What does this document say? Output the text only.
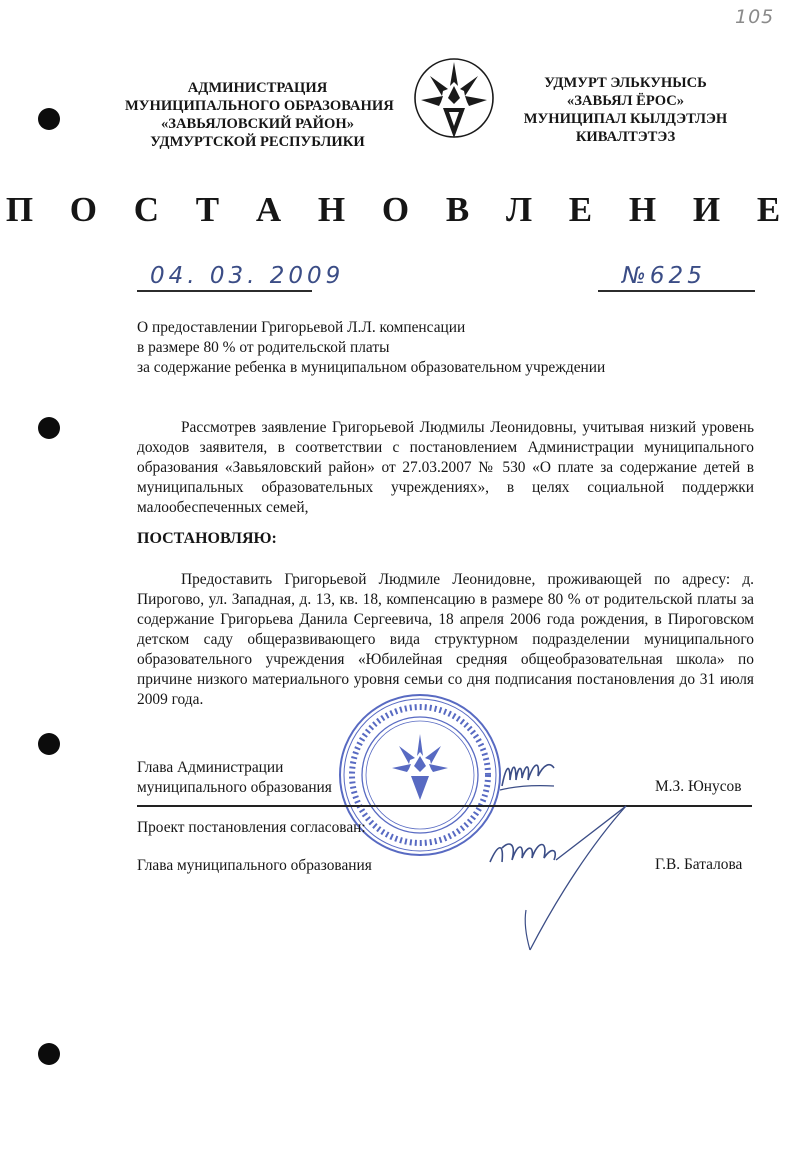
105
АДМИНИСТРАЦИЯ
МУНИЦИПАЛЬНОГО ОБРАЗОВАНИЯ
«ЗАВЬЯЛОВСКИЙ РАЙОН»
УДМУРТСКОЙ РЕСПУБЛИКИ
УДМУРТ ЭЛЬКУНЫСЬ
«ЗАВЬЯЛ ЁРОС»
МУНИЦИПАЛ КЫЛДЭТЛЭН
КИВАЛТЭТЭЗ
П О С Т А Н О В Л Е Н И Е
04. 03. 2009	№625
О предоставлении Григорьевой Л.Л. компенсации
в размере 80 % от родительской платы
за содержание ребенка в муниципальном образовательном учреждении

Рассмотрев заявление Григорьевой Людмилы Леонидовны, учитывая низкий уровень доходов заявителя, в соответствии с постановлением Администрации муниципального образования «Завьяловский район» от 27.03.2007 № 530 «О плате за содержание детей в муниципальных образовательных учреждениях», в целях социальной поддержки малообеспеченных семей,

ПОСТАНОВЛЯЮ:

Предоставить Григорьевой Людмиле Леонидовне, проживающей по адресу: д. Пирогово, ул. Западная, д. 13, кв. 18, компенсацию в размере 80 % от родительской платы за содержание Григорьева Данила Сергеевича, 18 апреля 2006 года рождения, в Пироговском детском саду общеразвивающего вида структурном подразделении муниципального образовательного учреждения «Юбилейная средняя общеобразовательная школа» по причине низкого материального уровня семьи со дня подписания постановления до 31 июля 2009 года.

Глава Администрации
муниципального образования	М.З. Юнусов
Проект постановления согласован:
Глава муниципального образования	Г.В. Баталова
